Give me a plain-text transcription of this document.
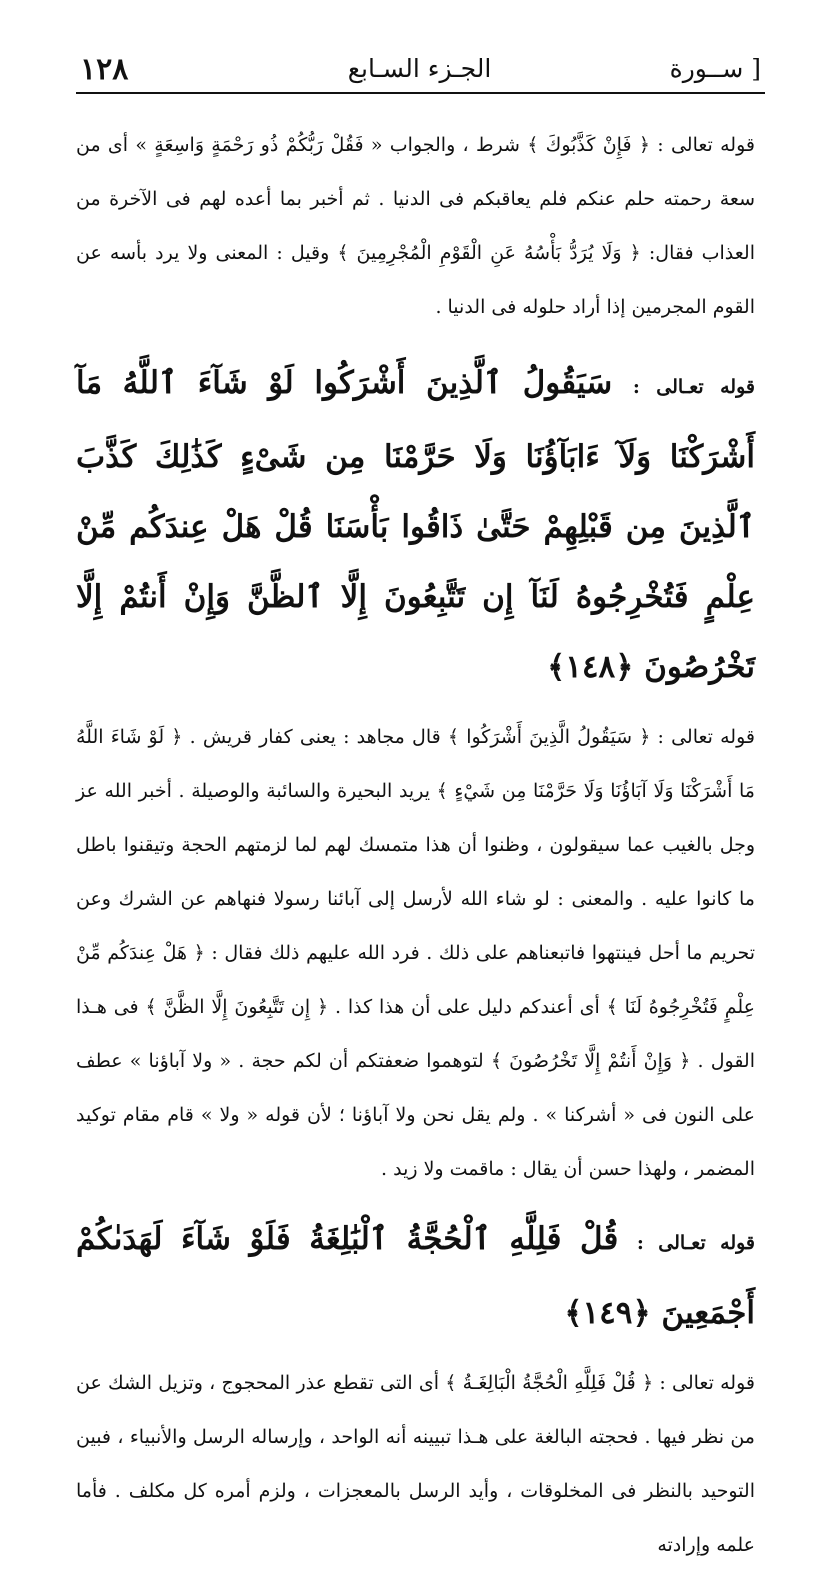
١٢٨	الجـزء السـابع	[ ســورة

قوله تعالى : ﴿ فَإِنْ كَذَّبُوكَ ﴾ شرط ، والجواب « فَقُلْ رَبُّكُمْ ذُو رَحْمَةٍ وَاسِعَةٍ » أى من سعة رحمته حلم عنكم فلم يعاقبكم فى الدنيا . ثم أخبر بما أعده لهم فى الآخرة من العذاب فقال: ﴿ وَلَا يُرَدُّ بَأْسُهُ عَنِ الْقَوْمِ الْمُجْرِمِينَ ﴾ وقيل : المعنى ولا يرد بأسه عن القوم المجرمين إذا أراد حلوله فى الدنيا .

قوله تعـالى : سَيَقُولُ ٱلَّذِينَ أَشْرَكُوا لَوْ شَآءَ ٱللَّهُ مَآ أَشْرَكْنَا وَلَآ ءَابَآؤُنَا وَلَا حَرَّمْنَا مِن شَىْءٍ كَذَٰلِكَ كَذَّبَ ٱلَّذِينَ مِن قَبْلِهِمْ حَتَّىٰ ذَاقُوا بَأْسَنَا قُلْ هَلْ عِندَكُم مِّنْ عِلْمٍ فَتُخْرِجُوهُ لَنَآ إِن تَتَّبِعُونَ إِلَّا ٱلظَّنَّ وَإِنْ أَنتُمْ إِلَّا تَخْرُصُونَ ﴿١٤٨﴾

قوله تعالى : ﴿ سَيَقُولُ الَّذِينَ أَشْرَكُوا ﴾ قال مجاهد : يعنى كفار قريش . ﴿ لَوْ شَاءَ اللَّهُ مَا أَشْرَكْنَا وَلَا آبَاؤُنَا وَلَا حَرَّمْنَا مِن شَيْءٍ ﴾ يريد البحيرة والسائبة والوصيلة . أخبر الله عز وجل بالغيب عما سيقولون ، وظنوا أن هذا متمسك لهم لما لزمتهم الحجة وتيقنوا باطل ما كانوا عليه . والمعنى : لو شاء الله لأرسل إلى آبائنا رسولا فنهاهم عن الشرك وعن تحريم ما أحل فينتهوا فاتبعناهم على ذلك . فرد الله عليهم ذلك فقال : ﴿ هَلْ عِندَكُم مِّنْ عِلْمٍ فَتُخْرِجُوهُ لَنَا ﴾ أى أعندكم دليل على أن هذا كذا . ﴿ إِن تَتَّبِعُونَ إِلَّا الظَّنَّ ﴾ فى هـذا القول . ﴿ وَإِنْ أَنتُمْ إِلَّا تَخْرُصُونَ ﴾ لتوهموا ضعفتكم أن لكم حجة . « ولا آباؤنا » عطف على النون فى « أشركنا » . ولم يقل نحن ولا آباؤنا ؛ لأن قوله « ولا » قام مقام توكيد المضمر ، ولهذا حسن أن يقال : ماقمت ولا زيد .

قوله تعـالى : قُلْ فَلِلَّهِ ٱلْحُجَّةُ ٱلْبَٰلِغَةُ فَلَوْ شَآءَ لَهَدَىٰكُمْ أَجْمَعِينَ ﴿١٤٩﴾

قوله تعالى : ﴿ قُلْ فَلِلَّهِ الْحُجَّةُ الْبَالِغَـةُ ﴾ أى التى تقطع عذر المحجوج ، وتزيل الشك عن من نظر فيها . فحجته البالغة على هـذا تبيينه أنه الواحد ، وإرساله الرسل والأنبياء ، فبين التوحيد بالنظر فى المخلوقات ، وأيد الرسل بالمعجزات ، ولزم أمره كل مكلف . فأما علمه وإرادته
